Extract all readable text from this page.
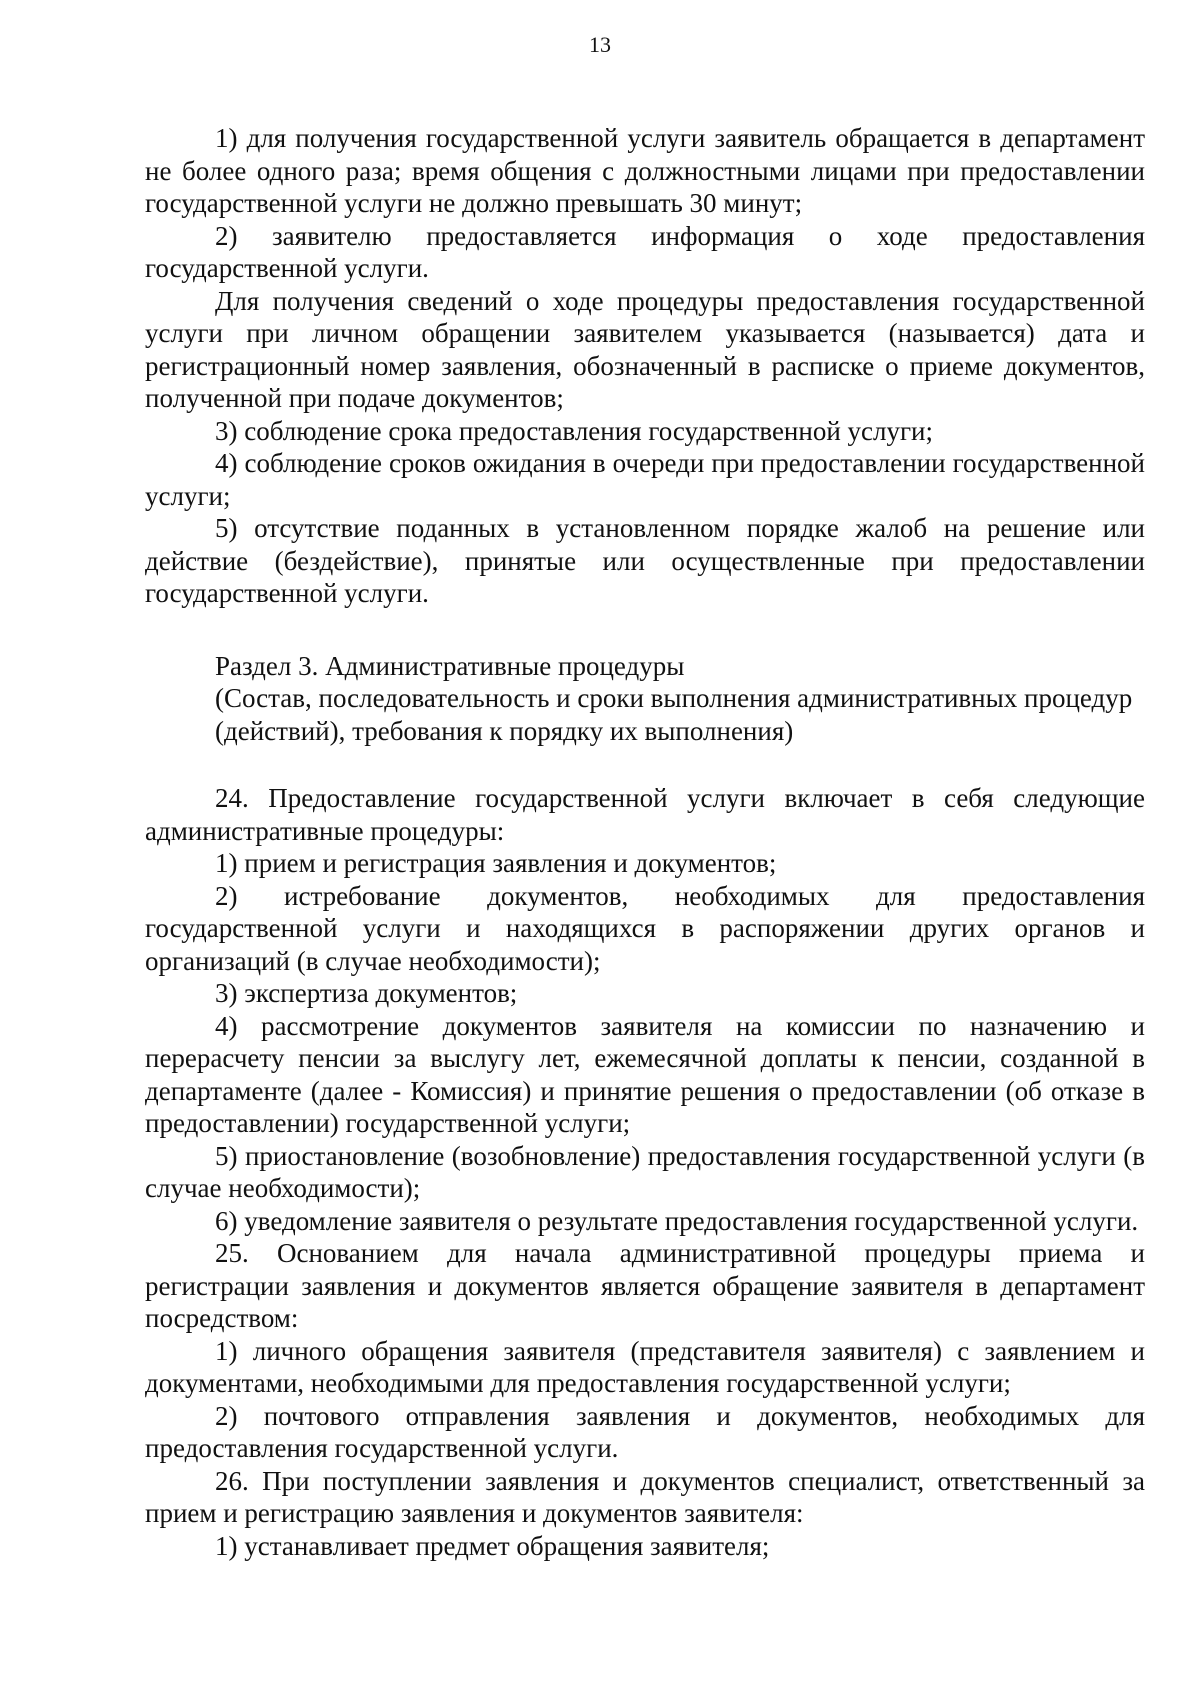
13

1) для получения государственной услуги заявитель обращается в департамент не более одного раза; время общения с должностными лицами при предоставлении государственной услуги не должно превышать 30 минут;

2) заявителю предоставляется информация о ходе предоставления государственной услуги.

Для получения сведений о ходе процедуры предоставления государственной услуги при личном обращении заявителем указывается (называется) дата и регистрационный номер заявления, обозначенный в расписке о приеме документов, полученной при подаче документов;

3) соблюдение срока предоставления государственной услуги;

4) соблюдение сроков ожидания в очереди при предоставлении государственной услуги;

5) отсутствие поданных в установленном порядке жалоб на решение или действие (бездействие), принятые или осуществленные при предоставлении государственной услуги.

Раздел 3. Административные процедуры

(Состав, последовательность и сроки выполнения административных процедур

(действий), требования к порядку их выполнения)

24. Предоставление государственной услуги включает в себя следующие административные процедуры:

1) прием и регистрация заявления и документов;

2) истребование документов, необходимых для предоставления государственной услуги и находящихся в распоряжении других органов и организаций (в случае необходимости);

3) экспертиза документов;

4) рассмотрение документов заявителя на комиссии по назначению и перерасчету пенсии за выслугу лет, ежемесячной доплаты к пенсии, созданной в департаменте (далее - Комиссия) и принятие решения о предоставлении (об отказе в предоставлении) государственной услуги;

5) приостановление (возобновление) предоставления государственной услуги (в случае необходимости);

6) уведомление заявителя о результате предоставления государственной услуги.

25. Основанием для начала административной процедуры приема и регистрации заявления и документов является обращение заявителя в департамент посредством:

1) личного обращения заявителя (представителя заявителя) с заявлением и документами, необходимыми для предоставления государственной услуги;

2) почтового отправления заявления и документов, необходимых для предоставления государственной услуги.

26. При поступлении заявления и документов специалист, ответственный за прием и регистрацию заявления и документов заявителя:

1) устанавливает предмет обращения заявителя;
